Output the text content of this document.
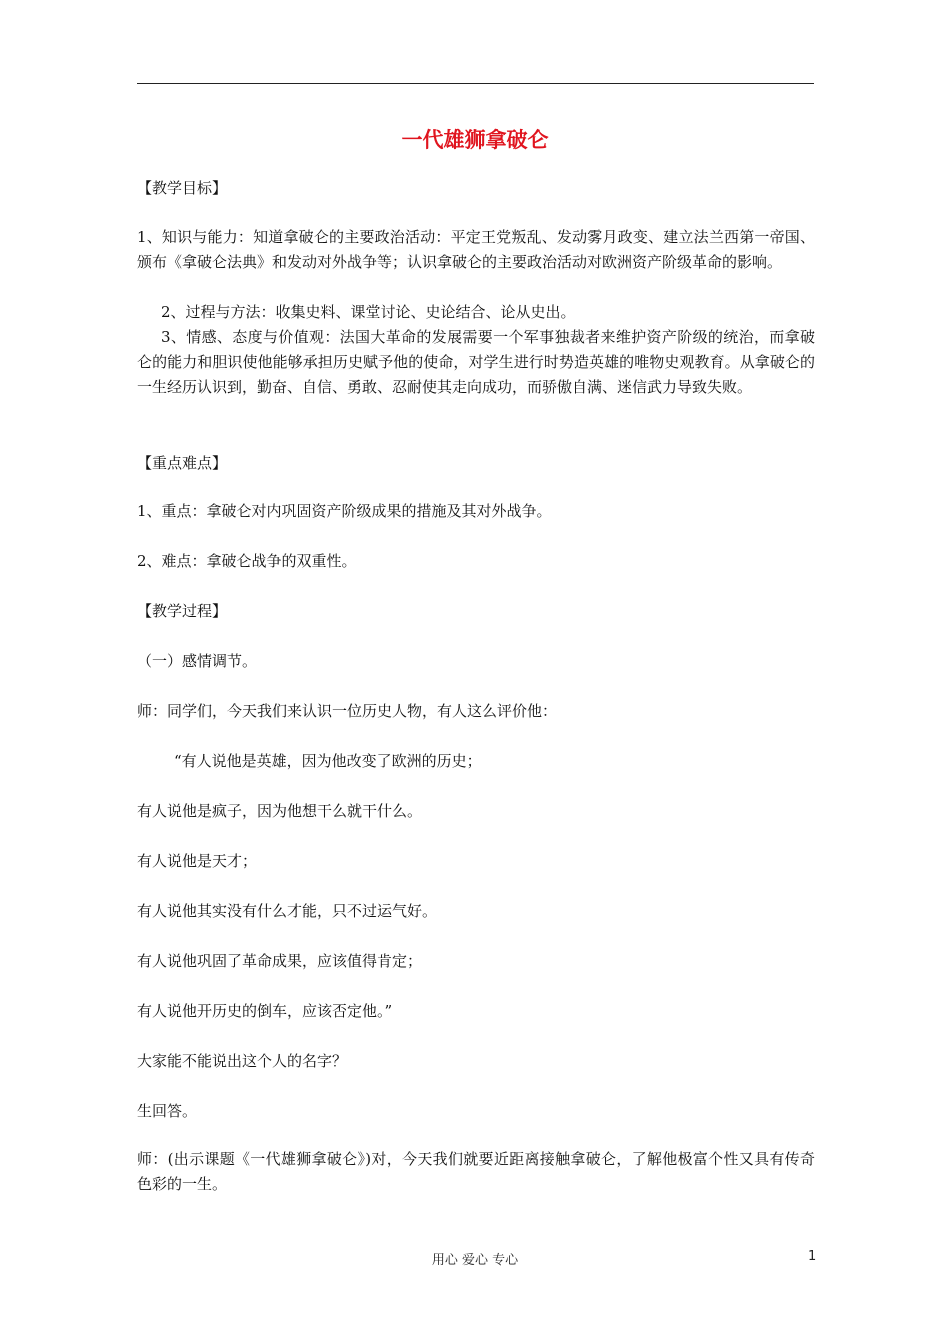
一代雄狮拿破仑
【教学目标】
1、知识与能力：知道拿破仑的主要政治活动：平定王党叛乱、发动雾月政变、建立法兰西第一帝国、颁布《拿破仑法典》和发动对外战争等；认识拿破仑的主要政治活动对欧洲资产阶级革命的影响。
2、过程与方法：收集史料、课堂讨论、史论结合、论从史出。
3、情感、态度与价值观：法国大革命的发展需要一个军事独裁者来维护资产阶级的统治，而拿破仑的能力和胆识使他能够承担历史赋予他的使命，对学生进行时势造英雄的唯物史观教育。从拿破仑的一生经历认识到，勤奋、自信、勇敢、忍耐使其走向成功，而骄傲自满、迷信武力导致失败。
【重点难点】
1、重点：拿破仑对内巩固资产阶级成果的措施及其对外战争。
2、难点：拿破仑战争的双重性。
【教学过程】
（一）感情调节。
师：同学们，今天我们来认识一位历史人物，有人这么评价他：
“有人说他是英雄，因为他改变了欧洲的历史；
有人说他是疯子，因为他想干么就干什么。
有人说他是天才；
有人说他其实没有什么才能，只不过运气好。
有人说他巩固了革命成果，应该值得肯定；
有人说他开历史的倒车，应该否定他。”
大家能不能说出这个人的名字？
生回答。
师：(出示课题《一代雄狮拿破仑》)对，今天我们就要近距离接触拿破仑，了解他极富个性又具有传奇色彩的一生。
用心 爱心 专心	1
